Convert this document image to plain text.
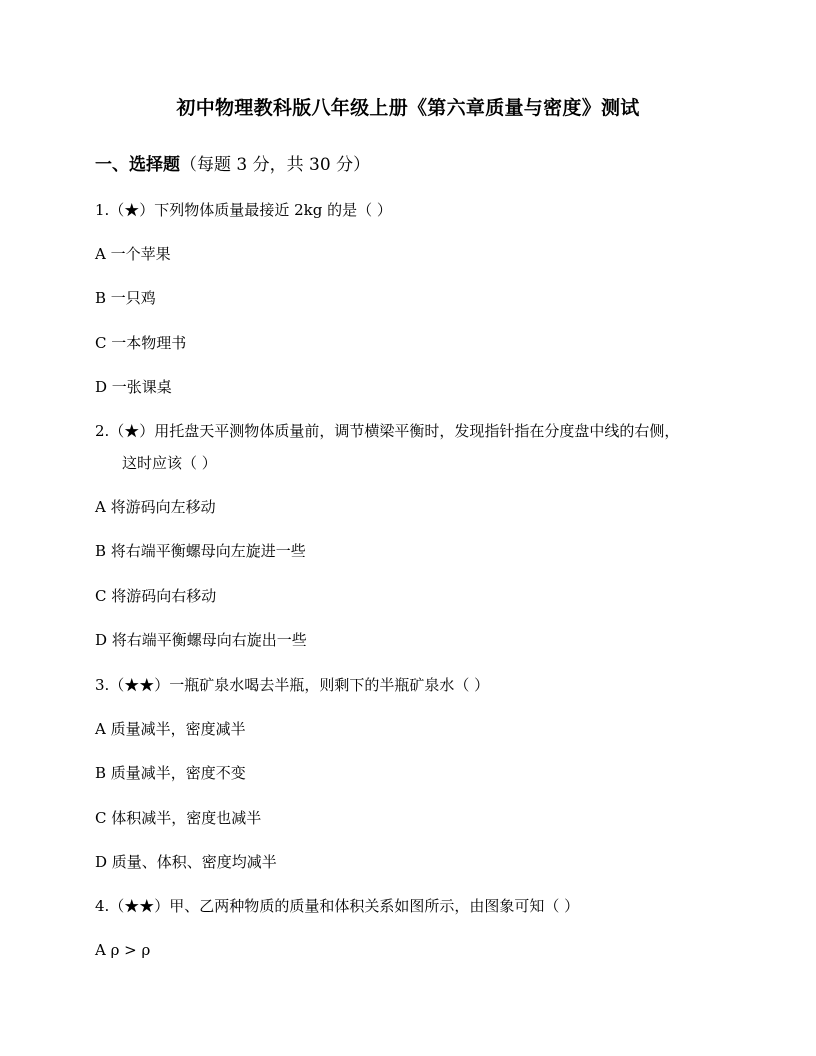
初中物理教科版八年级上册《第六章质量与密度》测试
一、选择题（每题 3 分，共 30 分）
1.（★）下列物体质量最接近 2kg 的是（ ）
A 一个苹果
B 一只鸡
C 一本物理书
D 一张课桌
2.（★）用托盘天平测物体质量前，调节横梁平衡时，发现指针指在分度盘中线的右侧，
这时应该（ ）
A 将游码向左移动
B 将右端平衡螺母向左旋进一些
C 将游码向右移动
D 将右端平衡螺母向右旋出一些
3.（★★）一瓶矿泉水喝去半瓶，则剩下的半瓶矿泉水（ ）
A 质量减半，密度减半
B 质量减半，密度不变
C 体积减半，密度也减半
D 质量、体积、密度均减半
4.（★★）甲、乙两种物质的质量和体积关系如图所示，由图象可知（ ）
A ρ > ρ
